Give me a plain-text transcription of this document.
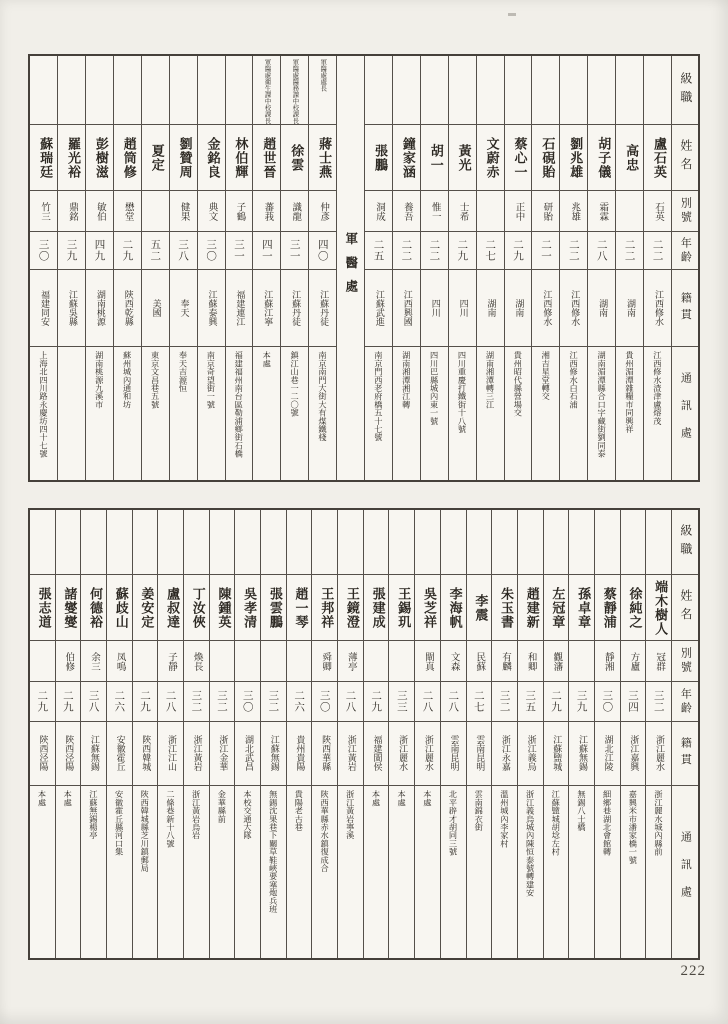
級職
姓名
別號
年齡
籍貫
通訊處
盧石英
石英
二二
江西修水
江西修水渣津盧熔茂
高忠
二二
湖南
貴州湄潭雜糧市同興祥
胡子儀
霜霖
二八
湖南
湖南湄潭縣合口字藏街劉同泰
劉兆雄
兆雄
二二
江西修水
江西修水白石浦
石硯貽
研貽
二一
江西修水
湘吉星堂轉交
蔡心一
正中
二九
湖南
貴州昭代縣營場交
文蔚赤
二七
湖南
湖南湘潭轉三江
黃光
士希
二九
四川
四川重慶打鐵街十八號
胡一
惟一
二二
四川
四川巴縣城內東一號
鐘家涵
養吾
二二
江西興國
湖南湘潭湘江轉
張鵬
洞成
二五
江蘇武進
南京門西老府橋五十七號
軍醫處
軍醫處處長
蔣士燕
仲彥
四〇
江蘇丹徒
南京南門大街大有煤鐵棧
軍醫處醫務課中校課長
徐雲
識龍
三一
江蘇丹徒
鎮江山巷一二〇號
軍醫處衛生課中校課長
趙世晉
蕃莪
四一
江蘇江寧
本處
林伯輝
子鶴
三一
福建連江
福建福州南台區勒浦鄉街石橋
金銘良
典文
三〇
江蘇泰興
南京奇望街一號
劉贊周
健果
三八
奉天
奉天吉源恒
夏定
五二
美國
東京文昌巷五號
趙筒修
懋堂
二九
陝西乾縣
蘇州城內通和坊
彭樹滋
敏伯
四九
湖南桃源
湖南桃源九溪市
羅光裕
鼎銘
三九
江蘇吳縣
蘇瑞廷
竹三
三〇
福建同安
上海北四川路永慶坊四十七號
級職
姓名
別號
年齡
籍貫
通訊處
端木樹人
冠群
三二
浙江麗水
浙江麗水城內縣前
徐純之
方廬
三四
浙江嘉興
嘉興米市潘家橋一號
蔡靜浦
靜湘
三〇
湖北江陵
細鄉巷湖北會館轉
孫卓章
三九
江蘇無錫
無錫八士橋
左冠章
觀瀋
二九
江蘇盬城
江蘇盬城胡埝左村
趙建新
和卿
三五
浙江義烏
浙江義烏城內陳恒泰號轉建安
朱玉書
有麟
三二
浙江永嘉
溫州城內李家村
李震
民蘇
二七
雲南昆明
雲南錦衣街
李海帆
文森
二八
雲南昆明
北平辟才胡同三號
吳芝祥
閘真
二八
浙江麗水
本處
王錫玑
三三
浙江麗水
本處
張建成
二九
福建閩侯
本處
王鏡澄
薄亭
二八
浙江黃岩
浙江黃岩寧溪
王邦祥
舜卿
三〇
陝西華縣
陝西華縣赤水鎮復成合
趙一琴
二六
貴州貴陽
貴陽老古巷
張雲鵬
三二
江蘇無錫
無錫沈果巷下關草鞋峽要塞炮兵班
吳孝清
三〇
湖北武昌
本校交通大隊
陳鍾英
三二
浙江金華
金華縣前
丁汝俠
煥長
三二
浙江黃岩
浙江黃岩烏岩
盧叔達
子靜
二八
浙江江山
二條巷新十八號
姜安定
二九
陝西韓城
陝西韓城縣芝川鎮郵局
蘇歧山
凤鳴
二六
安徽霍丘
安徽霍丘縣河口集
何德裕
余三
三八
江蘇無錫
江蘇無錫楊亭
諸燮燮
伯修
二九
陝西泾陽
本處
張志道
二九
陝西泾陽
本處
222
